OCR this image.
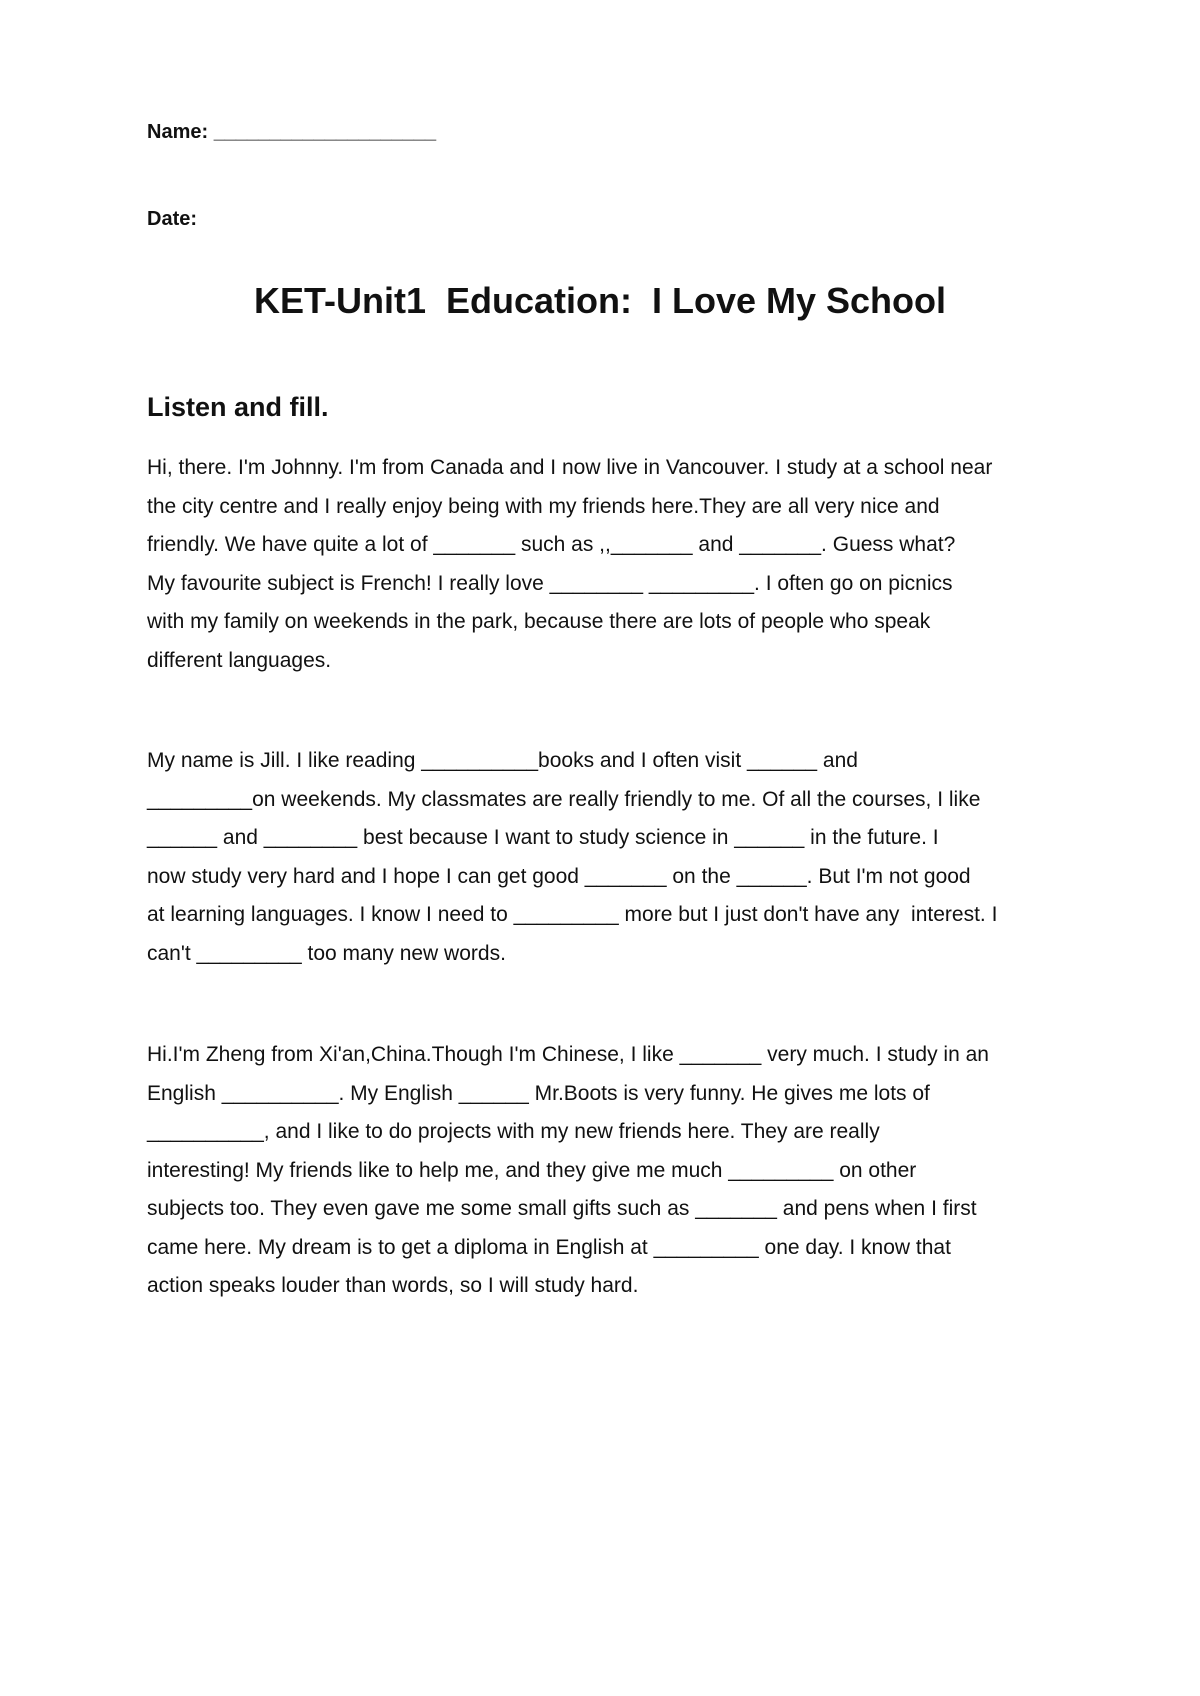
Name: ____________________
Date:
KET-Unit1  Education:  I Love My School
Listen and fill.
Hi, there. I'm Johnny. I'm from Canada and I now live in Vancouver. I study at a school near
the city centre and I really enjoy being with my friends here.They are all very nice and
friendly. We have quite a lot of _______ such as ,,_______ and _______. Guess what?
My favourite subject is French! I really love ________ _________. I often go on picnics
with my family on weekends in the park, because there are lots of people who speak
different languages.
My name is Jill. I like reading __________books and I often visit ______ and
_________on weekends. My classmates are really friendly to me. Of all the courses, I like
______ and ________ best because I want to study science in ______ in the future. I
now study very hard and I hope I can get good _______ on the ______. But I'm not good
at learning languages. I know I need to _________ more but I just don't have any  interest. I
can't _________ too many new words.
Hi.I'm Zheng from Xi'an,China.Though I'm Chinese, I like _______ very much. I study in an
English __________. My English ______ Mr.Boots is very funny. He gives me lots of
__________, and I like to do projects with my new friends here. They are really
interesting! My friends like to help me, and they give me much _________ on other
subjects too. They even gave me some small gifts such as _______ and pens when I first
came here. My dream is to get a diploma in English at _________ one day. I know that
action speaks louder than words, so I will study hard.
